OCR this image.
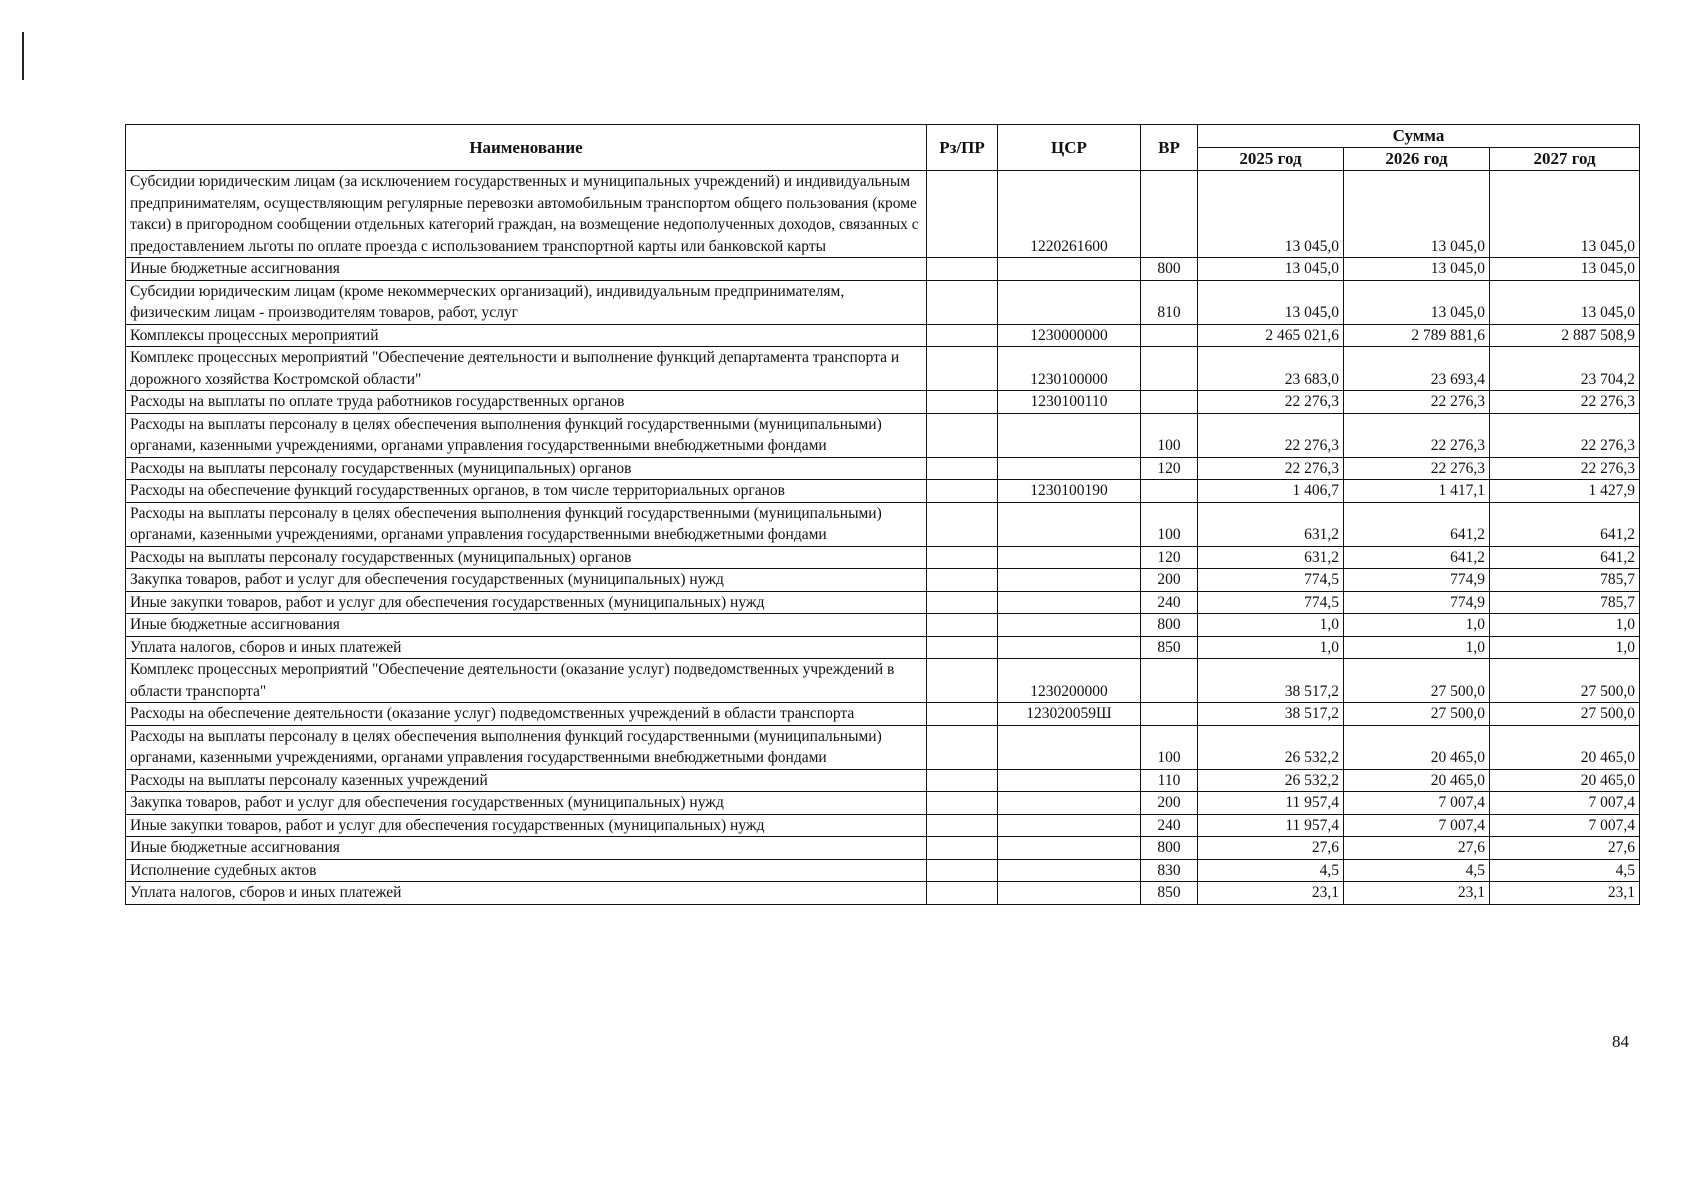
Наименование	Рз/ПР	ЦСР	ВР	Сумма		
				2025 год	2026 год	2027 год
Субсидии юридическим лицам (за исключением государственных и муниципальных учреждений) и индивидуальным предпринимателям, осуществляющим регулярные перевозки автомобильным транспортом общего пользования (кроме такси) в пригородном сообщении отдельных категорий граждан, на возмещение недополученных доходов, связанных с предоставлением льготы по оплате проезда с использованием транспортной карты или банковской карты		1220261600		13 045,0	13 045,0	13 045,0
Иные бюджетные ассигнования			800	13 045,0	13 045,0	13 045,0
Субсидии юридическим лицам (кроме некоммерческих организаций), индивидуальным предпринимателям, физическим лицам - производителям товаров, работ, услуг			810	13 045,0	13 045,0	13 045,0
Комплексы процессных мероприятий		1230000000		2 465 021,6	2 789 881,6	2 887 508,9
Комплекс процессных мероприятий "Обеспечение деятельности и выполнение функций департамента транспорта и дорожного хозяйства Костромской области"		1230100000		23 683,0	23 693,4	23 704,2
Расходы на выплаты по оплате труда работников государственных органов		1230100110		22 276,3	22 276,3	22 276,3
Расходы на выплаты персоналу в целях обеспечения выполнения функций государственными (муниципальными) органами, казенными учреждениями, органами управления государственными внебюджетными фондами			100	22 276,3	22 276,3	22 276,3
Расходы на выплаты персоналу государственных (муниципальных) органов			120	22 276,3	22 276,3	22 276,3
Расходы на обеспечение функций государственных органов, в том числе территориальных органов		1230100190		1 406,7	1 417,1	1 427,9
Расходы на выплаты персоналу в целях обеспечения выполнения функций государственными (муниципальными) органами, казенными учреждениями, органами управления государственными внебюджетными фондами			100	631,2	641,2	641,2
Расходы на выплаты персоналу государственных (муниципальных) органов			120	631,2	641,2	641,2
Закупка товаров, работ и услуг для обеспечения государственных (муниципальных) нужд			200	774,5	774,9	785,7
Иные закупки товаров, работ и услуг для обеспечения государственных (муниципальных) нужд			240	774,5	774,9	785,7
Иные бюджетные ассигнования			800	1,0	1,0	1,0
Уплата налогов, сборов и иных платежей			850	1,0	1,0	1,0
Комплекс процессных мероприятий "Обеспечение деятельности (оказание услуг) подведомственных учреждений в области транспорта"		1230200000		38 517,2	27 500,0	27 500,0
Расходы на обеспечение деятельности (оказание услуг) подведомственных учреждений в области транспорта		123020059Ш		38 517,2	27 500,0	27 500,0
Расходы на выплаты персоналу в целях обеспечения выполнения функций государственными (муниципальными) органами, казенными учреждениями, органами управления государственными внебюджетными фондами			100	26 532,2	20 465,0	20 465,0
Расходы на выплаты персоналу казенных учреждений			110	26 532,2	20 465,0	20 465,0
Закупка товаров, работ и услуг для обеспечения государственных (муниципальных) нужд			200	11 957,4	7 007,4	7 007,4
Иные закупки товаров, работ и услуг для обеспечения государственных (муниципальных) нужд			240	11 957,4	7 007,4	7 007,4
Иные бюджетные ассигнования			800	27,6	27,6	27,6
Исполнение судебных актов			830	4,5	4,5	4,5
Уплата налогов, сборов и иных платежей			850	23,1	23,1	23,1
84
